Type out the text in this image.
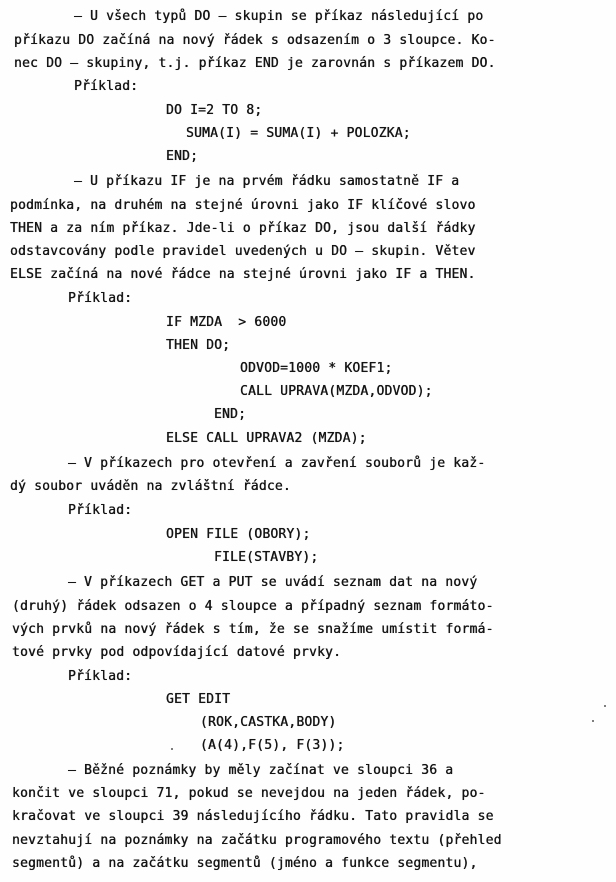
– U všech typů DO – skupin se příkaz následující po
příkazu DO začíná na nový řádek s odsazením o 3 sloupce. Ko-
nec DO – skupiny, t.j. příkaz END je zarovnán s příkazem DO.
Příklad:
DO I=2 TO 8;
SUMA(I) = SUMA(I) + POLOZKA;
END;
– U příkazu IF je na prvém řádku samostatně IF a
podmínka, na druhém na stejné úrovni jako IF klíčové slovo
THEN a za ním příkaz. Jde-li o příkaz DO, jsou další řádky
odstavcovány podle pravidel uvedených u DO – skupin. Větev
ELSE začíná na nové řádce na stejné úrovni jako IF a THEN.
Příklad:
IF MZDA  > 6000
THEN DO;
ODVOD=1000 * KOEF1;
CALL UPRAVA(MZDA,ODVOD);
END;
ELSE CALL UPRAVA2 (MZDA);
– V příkazech pro otevření a zavření souborů je kaž-
dý soubor uváděn na zvláštní řádce.
Příklad:
OPEN FILE (OBORY);
FILE(STAVBY);
– V příkazech GET a PUT se uvádí seznam dat na nový
(druhý) řádek odsazen o 4 sloupce a případný seznam formáto-
vých prvků na nový řádek s tím, že se snažíme umístit formá-
tové prvky pod odpovídající datové prvky.
Příklad:
GET EDIT
(ROK,CASTKA,BODY)
(A(4),F(5), F(3));
– Běžné poznámky by měly začínat ve sloupci 36 a
končit ve sloupci 71, pokud se nevejdou na jeden řádek, po-
kračovat ve sloupci 39 následujícího řádku. Tato pravidla se
nevztahují na poznámky na začátku programového textu (přehled
segmentů) a na začátku segmentů (jméno a funkce segmentu),
